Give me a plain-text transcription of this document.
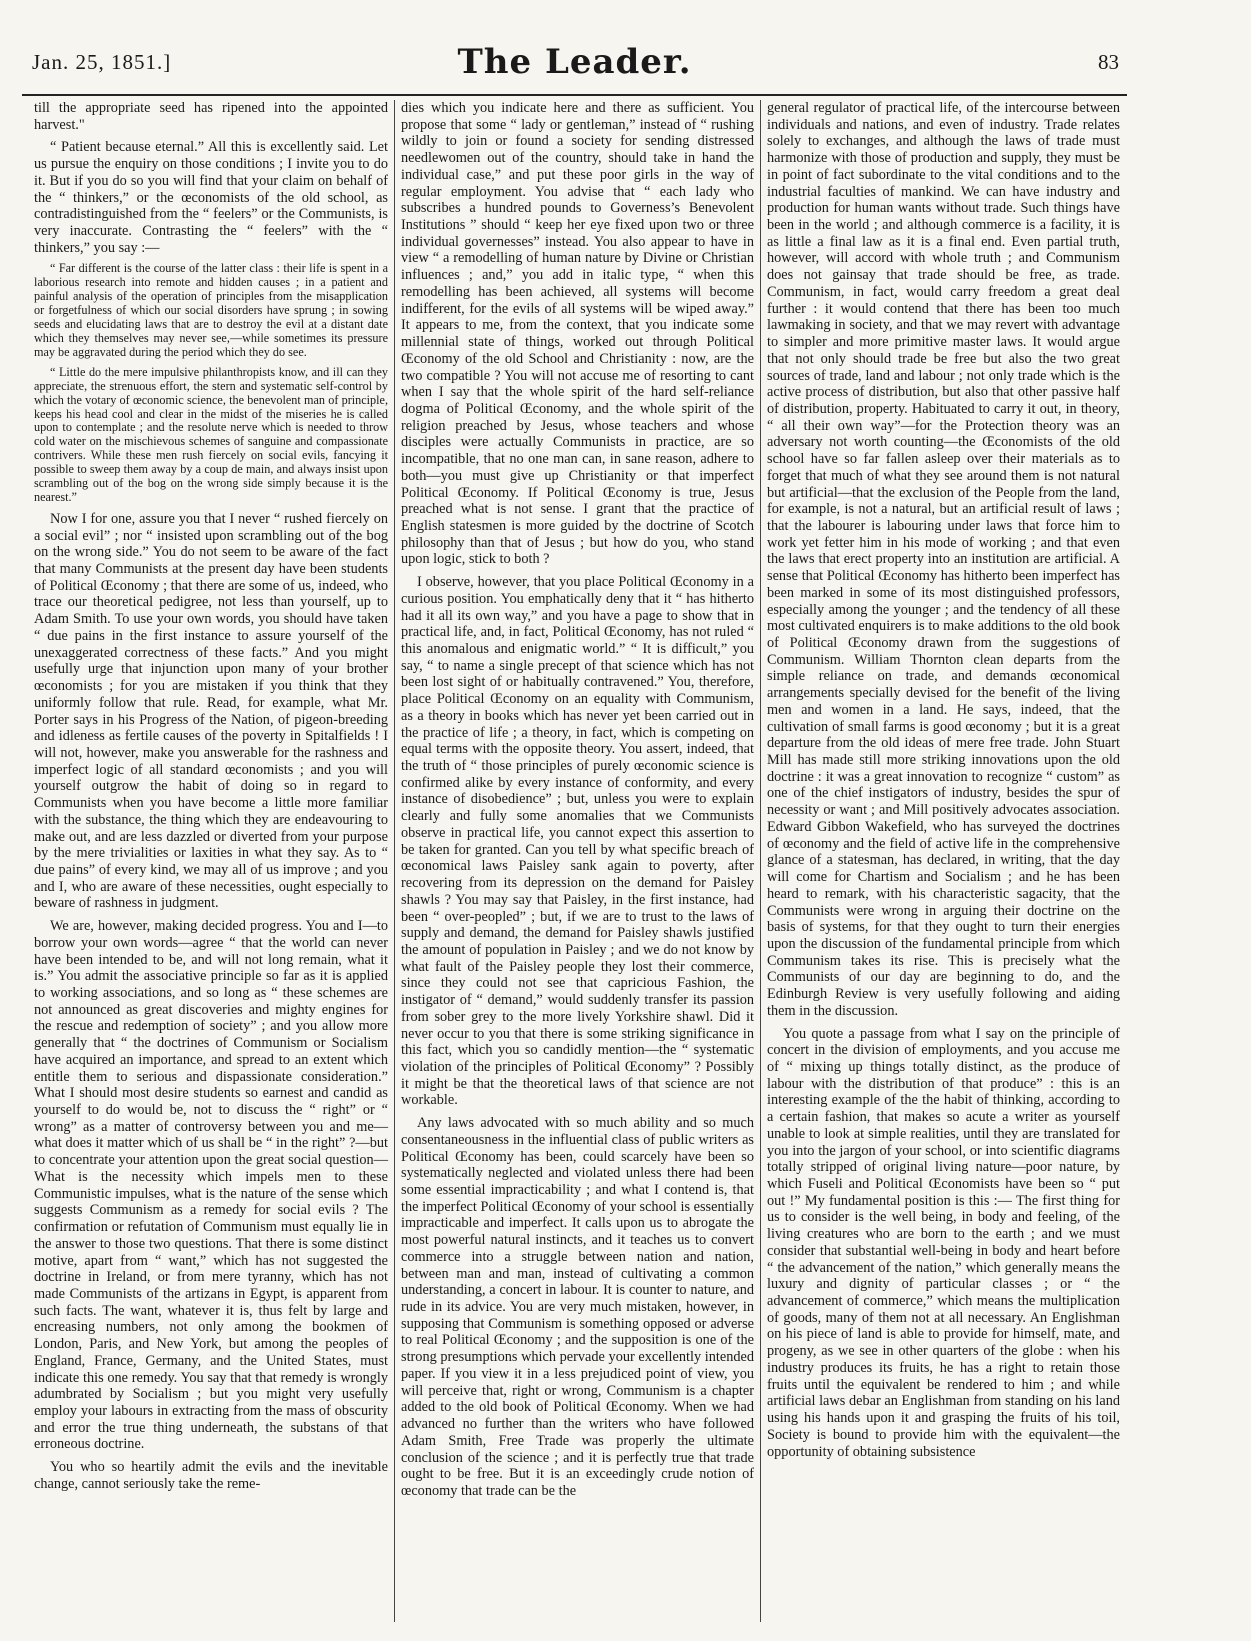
Jan. 25, 1851.]	The Leader.	83

till the appropriate seed has ripened into the appointed harvest."

“ Patient because eternal.” All this is excellently said. Let us pursue the enquiry on those conditions ; I invite you to do it. But if you do so you will find that your claim on behalf of the “ thinkers,” or the œconomists of the old school, as contradistinguished from the “ feelers” or the Communists, is very inaccurate. Contrasting the “ feelers” with the “ thinkers,” you say :—

“ Far different is the course of the latter class : their life is spent in a laborious research into remote and hidden causes ; in a patient and painful analysis of the operation of principles from the misapplication or forgetfulness of which our social disorders have sprung ; in sowing seeds and elucidating laws that are to destroy the evil at a distant date which they themselves may never see,—while sometimes its pressure may be aggravated during the period which they do see.

“ Little do the mere impulsive philanthropists know, and ill can they appreciate, the strenuous effort, the stern and systematic self-control by which the votary of œconomic science, the benevolent man of principle, keeps his head cool and clear in the midst of the miseries he is called upon to contemplate ; and the resolute nerve which is needed to throw cold water on the mischievous schemes of sanguine and compassionate contrivers. While these men rush fiercely on social evils, fancying it possible to sweep them away by a coup de main, and always insist upon scrambling out of the bog on the wrong side simply because it is the nearest.”

Now I for one, assure you that I never “ rushed fiercely on a social evil” ; nor “ insisted upon scrambling out of the bog on the wrong side.” You do not seem to be aware of the fact that many Communists at the present day have been students of Political Œconomy ; that there are some of us, indeed, who trace our theoretical pedigree, not less than yourself, up to Adam Smith. To use your own words, you should have taken “ due pains in the first instance to assure yourself of the unexaggerated correctness of these facts.” And you might usefully urge that injunction upon many of your brother œconomists ; for you are mistaken if you think that they uniformly follow that rule. Read, for example, what Mr. Porter says in his Progress of the Nation, of pigeon-breeding and idleness as fertile causes of the poverty in Spitalfields ! I will not, however, make you answerable for the rashness and imperfect logic of all standard œconomists ; and you will yourself outgrow the habit of doing so in regard to Communists when you have become a little more familiar with the substance, the thing which they are endeavouring to make out, and are less dazzled or diverted from your purpose by the mere trivialities or laxities in what they say. As to “ due pains” of every kind, we may all of us improve ; and you and I, who are aware of these necessities, ought especially to beware of rashness in judgment.

We are, however, making decided progress. You and I—to borrow your own words—agree “ that the world can never have been intended to be, and will not long remain, what it is.” You admit the associative principle so far as it is applied to working associations, and so long as “ these schemes are not announced as great discoveries and mighty engines for the rescue and redemption of society” ; and you allow more generally that “ the doctrines of Communism or Socialism have acquired an importance, and spread to an extent which entitle them to serious and dispassionate consideration.” What I should most desire students so earnest and candid as yourself to do would be, not to discuss the “ right” or “ wrong” as a matter of controversy between you and me—what does it matter which of us shall be “ in the right” ?—but to concentrate your attention upon the great social question—What is the necessity which impels men to these Communistic impulses, what is the nature of the sense which suggests Communism as a remedy for social evils ? The confirmation or refutation of Communism must equally lie in the answer to those two questions. That there is some distinct motive, apart from “ want,” which has not suggested the doctrine in Ireland, or from mere tyranny, which has not made Communists of the artizans in Egypt, is apparent from such facts. The want, whatever it is, thus felt by large and encreasing numbers, not only among the bookmen of London, Paris, and New York, but among the peoples of England, France, Germany, and the United States, must indicate this one remedy. You say that that remedy is wrongly adumbrated by Socialism ; but you might very usefully employ your labours in extracting from the mass of obscurity and error the true thing underneath, the substans of that erroneous doctrine.

You who so heartily admit the evils and the inevitable change, cannot seriously take the reme-

dies which you indicate here and there as sufficient. You propose that some “ lady or gentleman,” instead of “ rushing wildly to join or found a society for sending distressed needlewomen out of the country, should take in hand the individual case,” and put these poor girls in the way of regular employment. You advise that “ each lady who subscribes a hundred pounds to Governess’s Benevolent Institutions ” should “ keep her eye fixed upon two or three individual governesses” instead. You also appear to have in view “ a remodelling of human nature by Divine or Christian influences ; and,” you add in italic type, “ when this remodelling has been achieved, all systems will become indifferent, for the evils of all systems will be wiped away.” It appears to me, from the context, that you indicate some millennial state of things, worked out through Political Œconomy of the old School and Christianity : now, are the two compatible ? You will not accuse me of resorting to cant when I say that the whole spirit of the hard self-reliance dogma of Political Œconomy, and the whole spirit of the religion preached by Jesus, whose teachers and whose disciples were actually Communists in practice, are so incompatible, that no one man can, in sane reason, adhere to both—you must give up Christianity or that imperfect Political Œconomy. If Political Œconomy is true, Jesus preached what is not sense. I grant that the practice of English statesmen is more guided by the doctrine of Scotch philosophy than that of Jesus ; but how do you, who stand upon logic, stick to both ?

I observe, however, that you place Political Œconomy in a curious position. You emphatically deny that it “ has hitherto had it all its own way,” and you have a page to show that in practical life, and, in fact, Political Œconomy, has not ruled “ this anomalous and enigmatic world.” “ It is difficult,” you say, “ to name a single precept of that science which has not been lost sight of or habitually contravened.” You, therefore, place Political Œconomy on an equality with Communism, as a theory in books which has never yet been carried out in the practice of life ; a theory, in fact, which is competing on equal terms with the opposite theory. You assert, indeed, that the truth of “ those principles of purely œconomic science is confirmed alike by every instance of conformity, and every instance of disobedience” ; but, unless you were to explain clearly and fully some anomalies that we Communists observe in practical life, you cannot expect this assertion to be taken for granted. Can you tell by what specific breach of œconomical laws Paisley sank again to poverty, after recovering from its depression on the demand for Paisley shawls ? You may say that Paisley, in the first instance, had been “ over-peopled” ; but, if we are to trust to the laws of supply and demand, the demand for Paisley shawls justified the amount of population in Paisley ; and we do not know by what fault of the Paisley people they lost their commerce, since they could not see that capricious Fashion, the instigator of “ demand,” would suddenly transfer its passion from sober grey to the more lively Yorkshire shawl. Did it never occur to you that there is some striking significance in this fact, which you so candidly mention—the “ systematic violation of the principles of Political Œconomy” ? Possibly it might be that the theoretical laws of that science are not workable.

Any laws advocated with so much ability and so much consentaneousness in the influential class of public writers as Political Œconomy has been, could scarcely have been so systematically neglected and violated unless there had been some essential impracticability ; and what I contend is, that the imperfect Political Œconomy of your school is essentially impracticable and imperfect. It calls upon us to abrogate the most powerful natural instincts, and it teaches us to convert commerce into a struggle between nation and nation, between man and man, instead of cultivating a common understanding, a concert in labour. It is counter to nature, and rude in its advice. You are very much mistaken, however, in supposing that Communism is something opposed or adverse to real Political Œconomy ; and the supposition is one of the strong presumptions which pervade your excellently intended paper. If you view it in a less prejudiced point of view, you will perceive that, right or wrong, Communism is a chapter added to the old book of Political Œconomy. When we had advanced no further than the writers who have followed Adam Smith, Free Trade was properly the ultimate conclusion of the science ; and it is perfectly true that trade ought to be free. But it is an exceedingly crude notion of œconomy that trade can be the

general regulator of practical life, of the intercourse between individuals and nations, and even of industry. Trade relates solely to exchanges, and although the laws of trade must harmonize with those of production and supply, they must be in point of fact subordinate to the vital conditions and to the industrial faculties of mankind. We can have industry and production for human wants without trade. Such things have been in the world ; and although commerce is a facility, it is as little a final law as it is a final end. Even partial truth, however, will accord with whole truth ; and Communism does not gainsay that trade should be free, as trade. Communism, in fact, would carry freedom a great deal further : it would contend that there has been too much lawmaking in society, and that we may revert with advantage to simpler and more primitive master laws. It would argue that not only should trade be free but also the two great sources of trade, land and labour ; not only trade which is the active process of distribution, but also that other passive half of distribution, property. Habituated to carry it out, in theory, “ all their own way”—for the Protection theory was an adversary not worth counting—the Œconomists of the old school have so far fallen asleep over their materials as to forget that much of what they see around them is not natural but artificial—that the exclusion of the People from the land, for example, is not a natural, but an artificial result of laws ; that the labourer is labouring under laws that force him to work yet fetter him in his mode of working ; and that even the laws that erect property into an institution are artificial. A sense that Political Œconomy has hitherto been imperfect has been marked in some of its most distinguished professors, especially among the younger ; and the tendency of all these most cultivated enquirers is to make additions to the old book of Political Œconomy drawn from the suggestions of Communism. William Thornton clean departs from the simple reliance on trade, and demands œconomical arrangements specially devised for the benefit of the living men and women in a land. He says, indeed, that the cultivation of small farms is good œconomy ; but it is a great departure from the old ideas of mere free trade. John Stuart Mill has made still more striking innovations upon the old doctrine : it was a great innovation to recognize “ custom” as one of the chief instigators of industry, besides the spur of necessity or want ; and Mill positively advocates association. Edward Gibbon Wakefield, who has surveyed the doctrines of œconomy and the field of active life in the comprehensive glance of a statesman, has declared, in writing, that the day will come for Chartism and Socialism ; and he has been heard to remark, with his characteristic sagacity, that the Communists were wrong in arguing their doctrine on the basis of systems, for that they ought to turn their energies upon the discussion of the fundamental principle from which Communism takes its rise. This is precisely what the Communists of our day are beginning to do, and the Edinburgh Review is very usefully following and aiding them in the discussion.

You quote a passage from what I say on the principle of concert in the division of employments, and you accuse me of “ mixing up things totally distinct, as the produce of labour with the distribution of that produce” : this is an interesting example of the the habit of thinking, according to a certain fashion, that makes so acute a writer as yourself unable to look at simple realities, until they are translated for you into the jargon of your school, or into scientific diagrams totally stripped of original living nature—poor nature, by which Fuseli and Political Œconomists have been so “ put out !” My fundamental position is this :— The first thing for us to consider is the well being, in body and feeling, of the living creatures who are born to the earth ; and we must consider that substantial well-being in body and heart before “ the advancement of the nation,” which generally means the luxury and dignity of particular classes ; or “ the advancement of commerce,” which means the multiplication of goods, many of them not at all necessary. An Englishman on his piece of land is able to provide for himself, mate, and progeny, as we see in other quarters of the globe : when his industry produces its fruits, he has a right to retain those fruits until the equivalent be rendered to him ; and while artificial laws debar an Englishman from standing on his land using his hands upon it and grasping the fruits of his toil, Society is bound to provide him with the equivalent—the opportunity of obtaining subsistence
